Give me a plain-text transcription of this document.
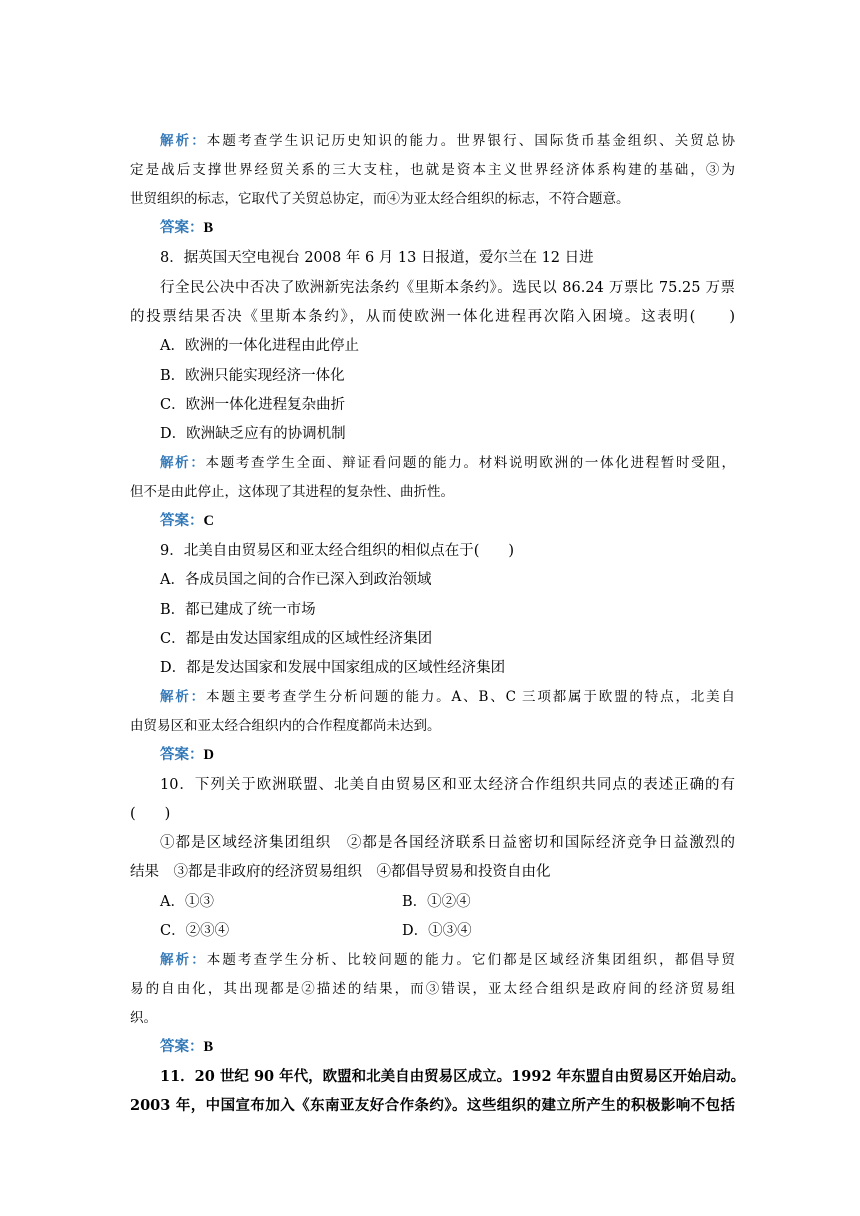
解析：本题考查学生识记历史知识的能力。世界银行、国际货币基金组织、关贸总协
定是战后支撑世界经贸关系的三大支柱，也就是资本主义世界经济体系构建的基础，③为
世贸组织的标志，它取代了关贸总协定，而④为亚太经合组织的标志，不符合题意。
答案：B
8．据英国天空电视台 2008 年 6 月 13 日报道，爱尔兰在 12 日进
行全民公决中否决了欧洲新宪法条约《里斯本条约》。选民以 86.24 万票比 75.25 万票
的投票结果否决《里斯本条约》，从而使欧洲一体化进程再次陷入困境。这表明(　　)
A．欧洲的一体化进程由此停止
B．欧洲只能实现经济一体化
C．欧洲一体化进程复杂曲折
D．欧洲缺乏应有的协调机制
解析：本题考查学生全面、辩证看问题的能力。材料说明欧洲的一体化进程暂时受阻，
但不是由此停止，这体现了其进程的复杂性、曲折性。
答案：C
9．北美自由贸易区和亚太经合组织的相似点在于(　　)
A．各成员国之间的合作已深入到政治领域
B．都已建成了统一市场
C．都是由发达国家组成的区域性经济集团
D．都是发达国家和发展中国家组成的区域性经济集团
解析：本题主要考查学生分析问题的能力。A、B、C 三项都属于欧盟的特点，北美自
由贸易区和亚太经合组织内的合作程度都尚未达到。
答案：D
10．下列关于欧洲联盟、北美自由贸易区和亚太经济合作组织共同点的表述正确的有
(　　)
①都是区域经济集团组织　②都是各国经济联系日益密切和国际经济竞争日益激烈的
结果　③都是非政府的经济贸易组织　④都倡导贸易和投资自由化
A．①③	B．①②④
C．②③④	D．①③④
解析：本题考查学生分析、比较问题的能力。它们都是区域经济集团组织，都倡导贸
易的自由化，其出现都是②描述的结果，而③错误，亚太经合组织是政府间的经济贸易组
织。
答案：B
11．20 世纪 90 年代，欧盟和北美自由贸易区成立。1992 年东盟自由贸易区开始启动。
2003 年，中国宣布加入《东南亚友好合作条约》。这些组织的建立所产生的积极影响不包括
